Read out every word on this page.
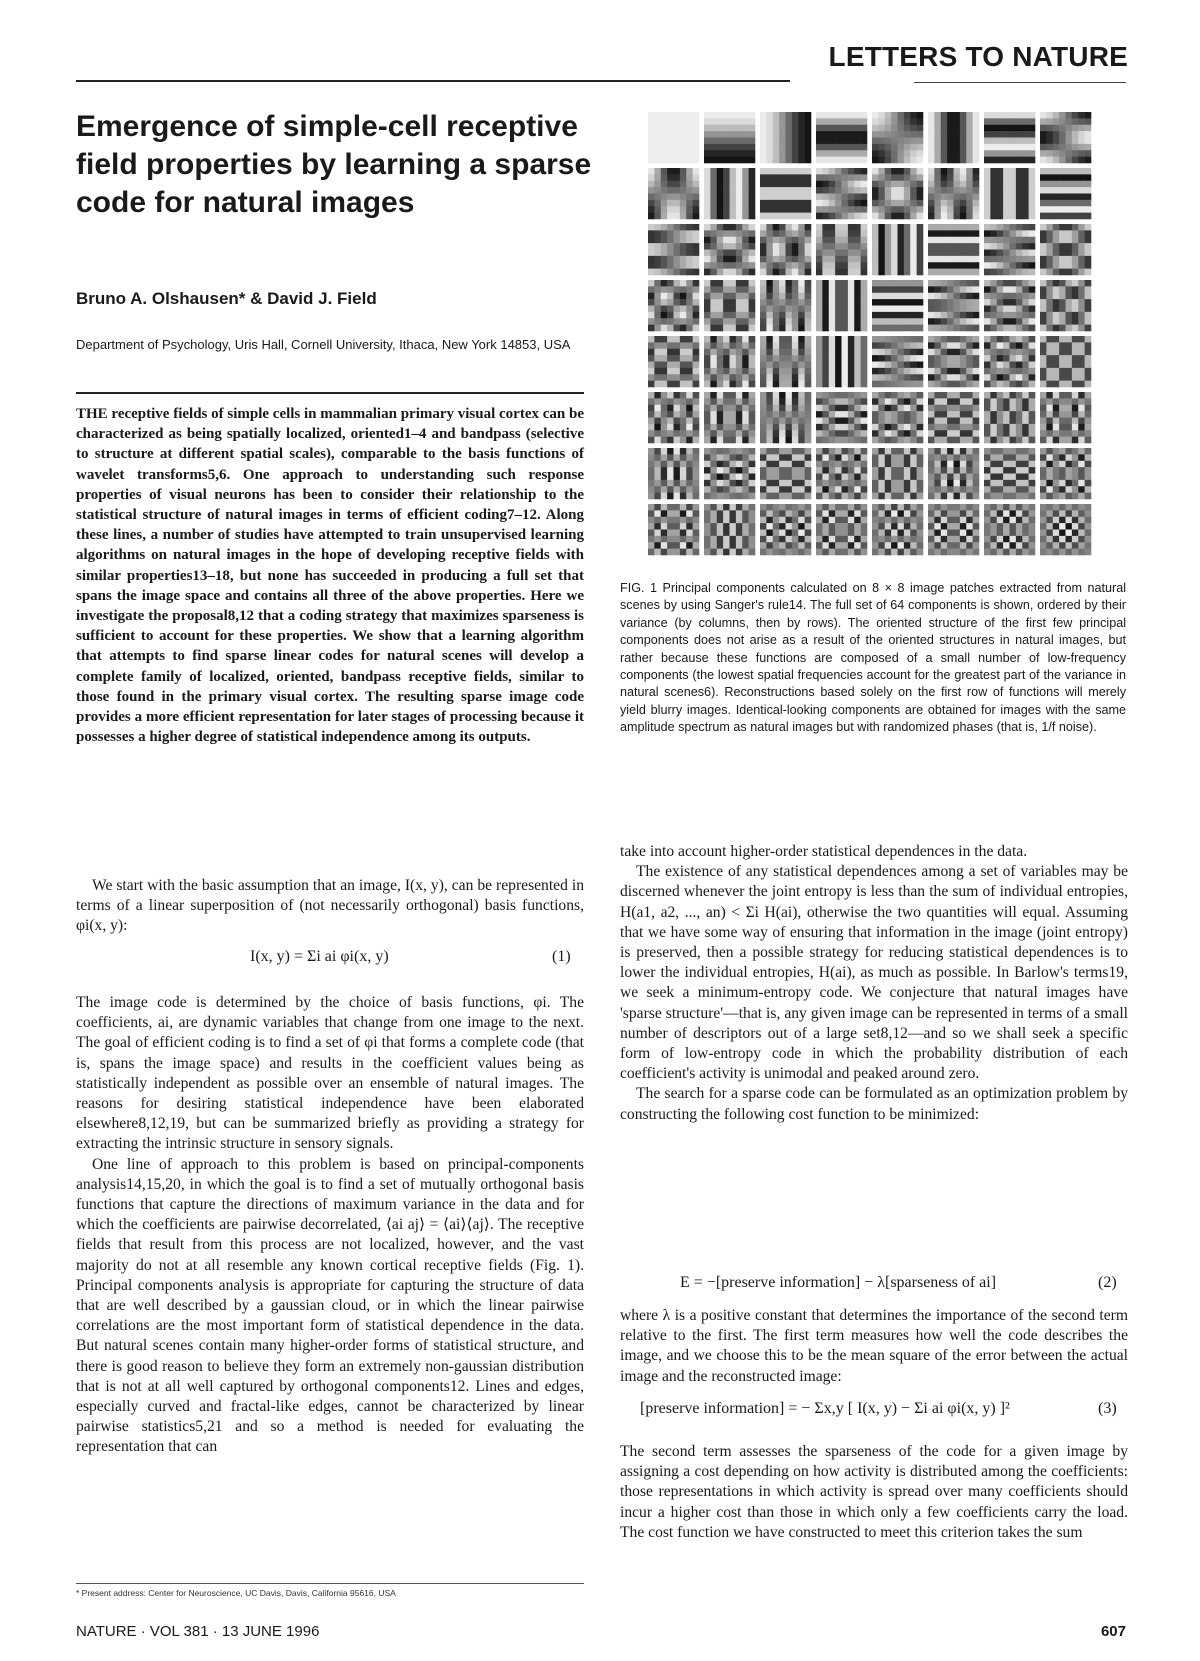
LETTERS TO NATURE
Emergence of simple-cell receptive field properties by learning a sparse code for natural images
Bruno A. Olshausen* & David J. Field
Department of Psychology, Uris Hall, Cornell University, Ithaca, New York 14853, USA
THE receptive fields of simple cells in mammalian primary visual cortex can be characterized as being spatially localized, oriented1–4 and bandpass (selective to structure at different spatial scales), comparable to the basis functions of wavelet transforms5,6. One approach to understanding such response properties of visual neurons has been to consider their relationship to the statistical structure of natural images in terms of efficient coding7–12. Along these lines, a number of studies have attempted to train unsupervised learning algorithms on natural images in the hope of developing receptive fields with similar properties13–18, but none has succeeded in producing a full set that spans the image space and contains all three of the above properties. Here we investigate the proposal8,12 that a coding strategy that maximizes sparseness is sufficient to account for these properties. We show that a learning algorithm that attempts to find sparse linear codes for natural scenes will develop a complete family of localized, oriented, bandpass receptive fields, similar to those found in the primary visual cortex. The resulting sparse image code provides a more efficient representation for later stages of processing because it possesses a higher degree of statistical independence among its outputs.

We start with the basic assumption that an image, I(x, y), can be represented in terms of a linear superposition of (not necessarily orthogonal) basis functions, φi(x, y):

I(x, y) = Σi ai φi(x, y)	(1)

The image code is determined by the choice of basis functions, φi. The coefficients, ai, are dynamic variables that change from one image to the next. The goal of efficient coding is to find a set of φi that forms a complete code (that is, spans the image space) and results in the coefficient values being as statistically independent as possible over an ensemble of natural images. The reasons for desiring statistical independence have been elaborated elsewhere8,12,19, but can be summarized briefly as providing a strategy for extracting the intrinsic structure in sensory signals.

One line of approach to this problem is based on principal-components analysis14,15,20, in which the goal is to find a set of mutually orthogonal basis functions that capture the directions of maximum variance in the data and for which the coefficients are pairwise decorrelated, ⟨ai aj⟩ = ⟨ai⟩⟨aj⟩. The receptive fields that result from this process are not localized, however, and the vast majority do not at all resemble any known cortical receptive fields (Fig. 1). Principal components analysis is appropriate for capturing the structure of data that are well described by a gaussian cloud, or in which the linear pairwise correlations are the most important form of statistical dependence in the data. But natural scenes contain many higher-order forms of statistical structure, and there is good reason to believe they form an extremely non-gaussian distribution that is not at all well captured by orthogonal components12. Lines and edges, especially curved and fractal-like edges, cannot be characterized by linear pairwise statistics5,21 and so a method is needed for evaluating the representation that can

FIG. 1 Principal components calculated on 8 × 8 image patches extracted from natural scenes by using Sanger's rule14. The full set of 64 components is shown, ordered by their variance (by columns, then by rows). The oriented structure of the first few principal components does not arise as a result of the oriented structures in natural images, but rather because these functions are composed of a small number of low-frequency components (the lowest spatial frequencies account for the greatest part of the variance in natural scenes6). Reconstructions based solely on the first row of functions will merely yield blurry images. Identical-looking components are obtained for images with the same amplitude spectrum as natural images but with randomized phases (that is, 1/f noise).

take into account higher-order statistical dependences in the data.

The existence of any statistical dependences among a set of variables may be discerned whenever the joint entropy is less than the sum of individual entropies, H(a1, a2, ..., an) < Σi H(ai), otherwise the two quantities will equal. Assuming that we have some way of ensuring that information in the image (joint entropy) is preserved, then a possible strategy for reducing statistical dependences is to lower the individual entropies, H(ai), as much as possible. In Barlow's terms19, we seek a minimum-entropy code. We conjecture that natural images have 'sparse structure'—that is, any given image can be represented in terms of a small number of descriptors out of a large set8,12—and so we shall seek a specific form of low-entropy code in which the probability distribution of each coefficient's activity is unimodal and peaked around zero.

The search for a sparse code can be formulated as an optimization problem by constructing the following cost function to be minimized:

E = −[preserve information] − λ[sparseness of ai]	(2)

where λ is a positive constant that determines the importance of the second term relative to the first. The first term measures how well the code describes the image, and we choose this to be the mean square of the error between the actual image and the reconstructed image:

[preserve information] = − Σx,y [ I(x, y) − Σi ai φi(x, y) ]²	(3)

The second term assesses the sparseness of the code for a given image by assigning a cost depending on how activity is distributed among the coefficients: those representations in which activity is spread over many coefficients should incur a higher cost than those in which only a few coefficients carry the load. The cost function we have constructed to meet this criterion takes the sum

* Present address: Center for Neuroscience, UC Davis, Davis, California 95616, USA
NATURE · VOL 381 · 13 JUNE 1996	607
